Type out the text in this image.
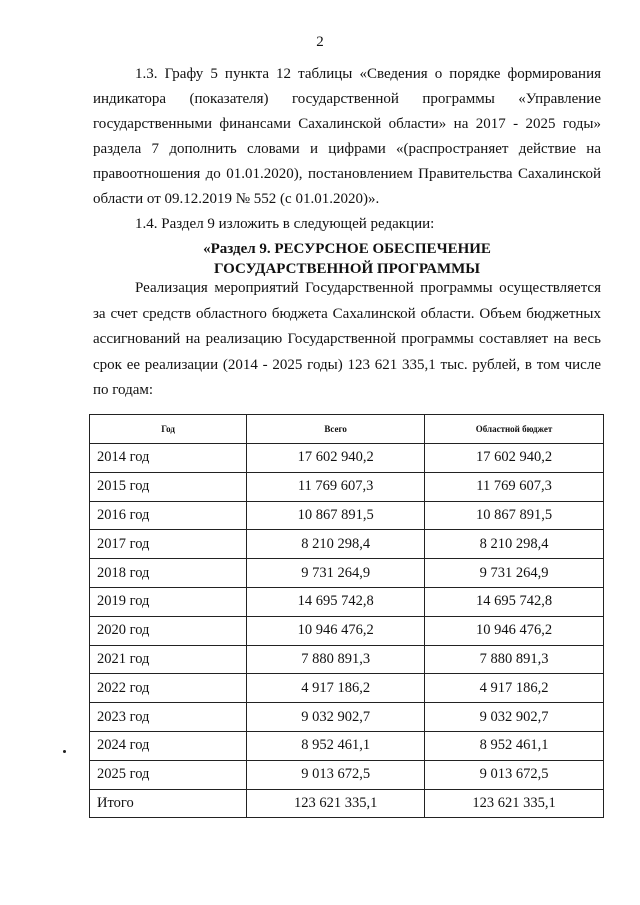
2

1.3. Графу 5 пункта 12 таблицы «Сведения о порядке формирования индикатора (показателя) государственной программы «Управление государственными финансами Сахалинской области» на 2017 - 2025 годы» раздела 7 дополнить словами и цифрами «(распространяет действие на правоотношения до 01.01.2020), постановлением Правительства Сахалинской области от 09.12.2019 № 552 (с 01.01.2020)».

1.4. Раздел 9 изложить в следующей редакции:

«Раздел 9. РЕСУРСНОЕ ОБЕСПЕЧЕНИЕ
ГОСУДАРСТВЕННОЙ ПРОГРАММЫ

Реализация мероприятий Государственной программы осуществляется за счет средств областного бюджета Сахалинской области. Объем бюджетных ассигнований на реализацию Государственной программы составляет на весь срок ее реализации (2014 - 2025 годы) 123 621 335,1 тыс. рублей, в том числе по годам:

Год	Всего	Областной бюджет
2014 год	17 602 940,2	17 602 940,2
2015 год	11 769 607,3	11 769 607,3
2016 год	10 867 891,5	10 867 891,5
2017 год	8 210 298,4	8 210 298,4
2018 год	9 731 264,9	9 731 264,9
2019 год	14 695 742,8	14 695 742,8
2020 год	10 946 476,2	10 946 476,2
2021 год	7 880 891,3	7 880 891,3
2022 год	4 917 186,2	4 917 186,2
2023 год	9 032 902,7	9 032 902,7
2024 год	8 952 461,1	8 952 461,1
2025 год	9 013 672,5	9 013 672,5
Итого	123 621 335,1	123 621 335,1
